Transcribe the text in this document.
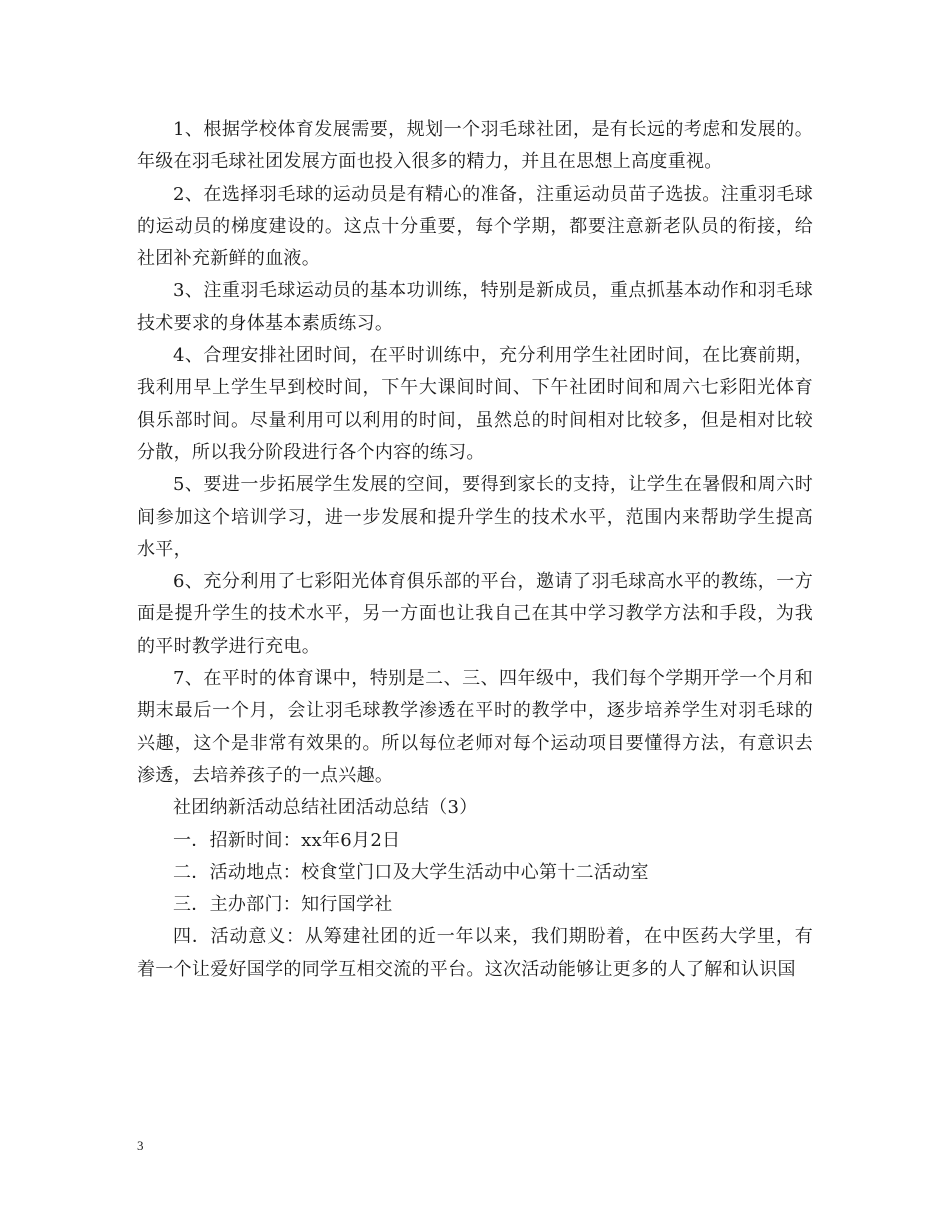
1、根据学校体育发展需要，规划一个羽毛球社团，是有长远的考虑和发展的。年级在羽毛球社团发展方面也投入很多的精力，并且在思想上高度重视。

2、在选择羽毛球的运动员是有精心的准备，注重运动员苗子选拔。注重羽毛球的运动员的梯度建设的。这点十分重要，每个学期，都要注意新老队员的衔接，给社团补充新鲜的血液。

3、注重羽毛球运动员的基本功训练，特别是新成员，重点抓基本动作和羽毛球技术要求的身体基本素质练习。

4、合理安排社团时间，在平时训练中，充分利用学生社团时间，在比赛前期，我利用早上学生早到校时间，下午大课间时间、下午社团时间和周六七彩阳光体育俱乐部时间。尽量利用可以利用的时间，虽然总的时间相对比较多，但是相对比较分散，所以我分阶段进行各个内容的练习。

5、要进一步拓展学生发展的空间，要得到家长的支持，让学生在暑假和周六时间参加这个培训学习，进一步发展和提升学生的技术水平，范围内来帮助学生提高水平，

6、充分利用了七彩阳光体育俱乐部的平台，邀请了羽毛球高水平的教练，一方面是提升学生的技术水平，另一方面也让我自己在其中学习教学方法和手段，为我的平时教学进行充电。

7、在平时的体育课中，特别是二、三、四年级中，我们每个学期开学一个月和期末最后一个月，会让羽毛球教学渗透在平时的教学中，逐步培养学生对羽毛球的兴趣，这个是非常有效果的。所以每位老师对每个运动项目要懂得方法，有意识去渗透，去培养孩子的一点兴趣。

社团纳新活动总结社团活动总结（3）

一．招新时间：xx年6月2日

二．活动地点：校食堂门口及大学生活动中心第十二活动室

三．主办部门：知行国学社

四．活动意义：从筹建社团的近一年以来，我们期盼着，在中医药大学里，有着一个让爱好国学的同学互相交流的平台。这次活动能够让更多的人了解和认识国

3
